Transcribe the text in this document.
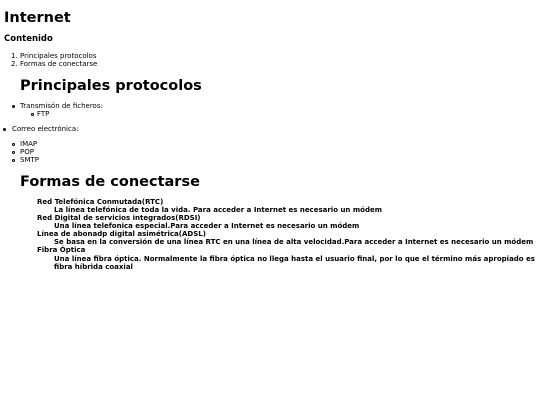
Internet
Contenido
1. Principales protocolos
2. Formas de conectarse
Principales protocolos
Transmisón de ficheros:
FTP
Correo electrónica:
IMAP
POP
SMTP
Formas de conectarse
Red Telefónica Conmutada(RTC)
La línea telefónica de toda la vida. Para acceder a Internet es necesario un módem
Red Digital de servicios integrados(RDSI)
Una línea telefonica especial.Para acceder a Internet es necesario un módem
Línea de abonadp digital asimétrica(ADSL)
Se basa en la conversión de una línea RTC en una línea de alta velocidad.Para acceder a Internet es necesario un módem
Fibra Óptica
Una línea fibra óptica. Normalmente la fibra óptica no llega hasta el usuario final, por lo que el término más apropiado es fibra híbrida coaxial
